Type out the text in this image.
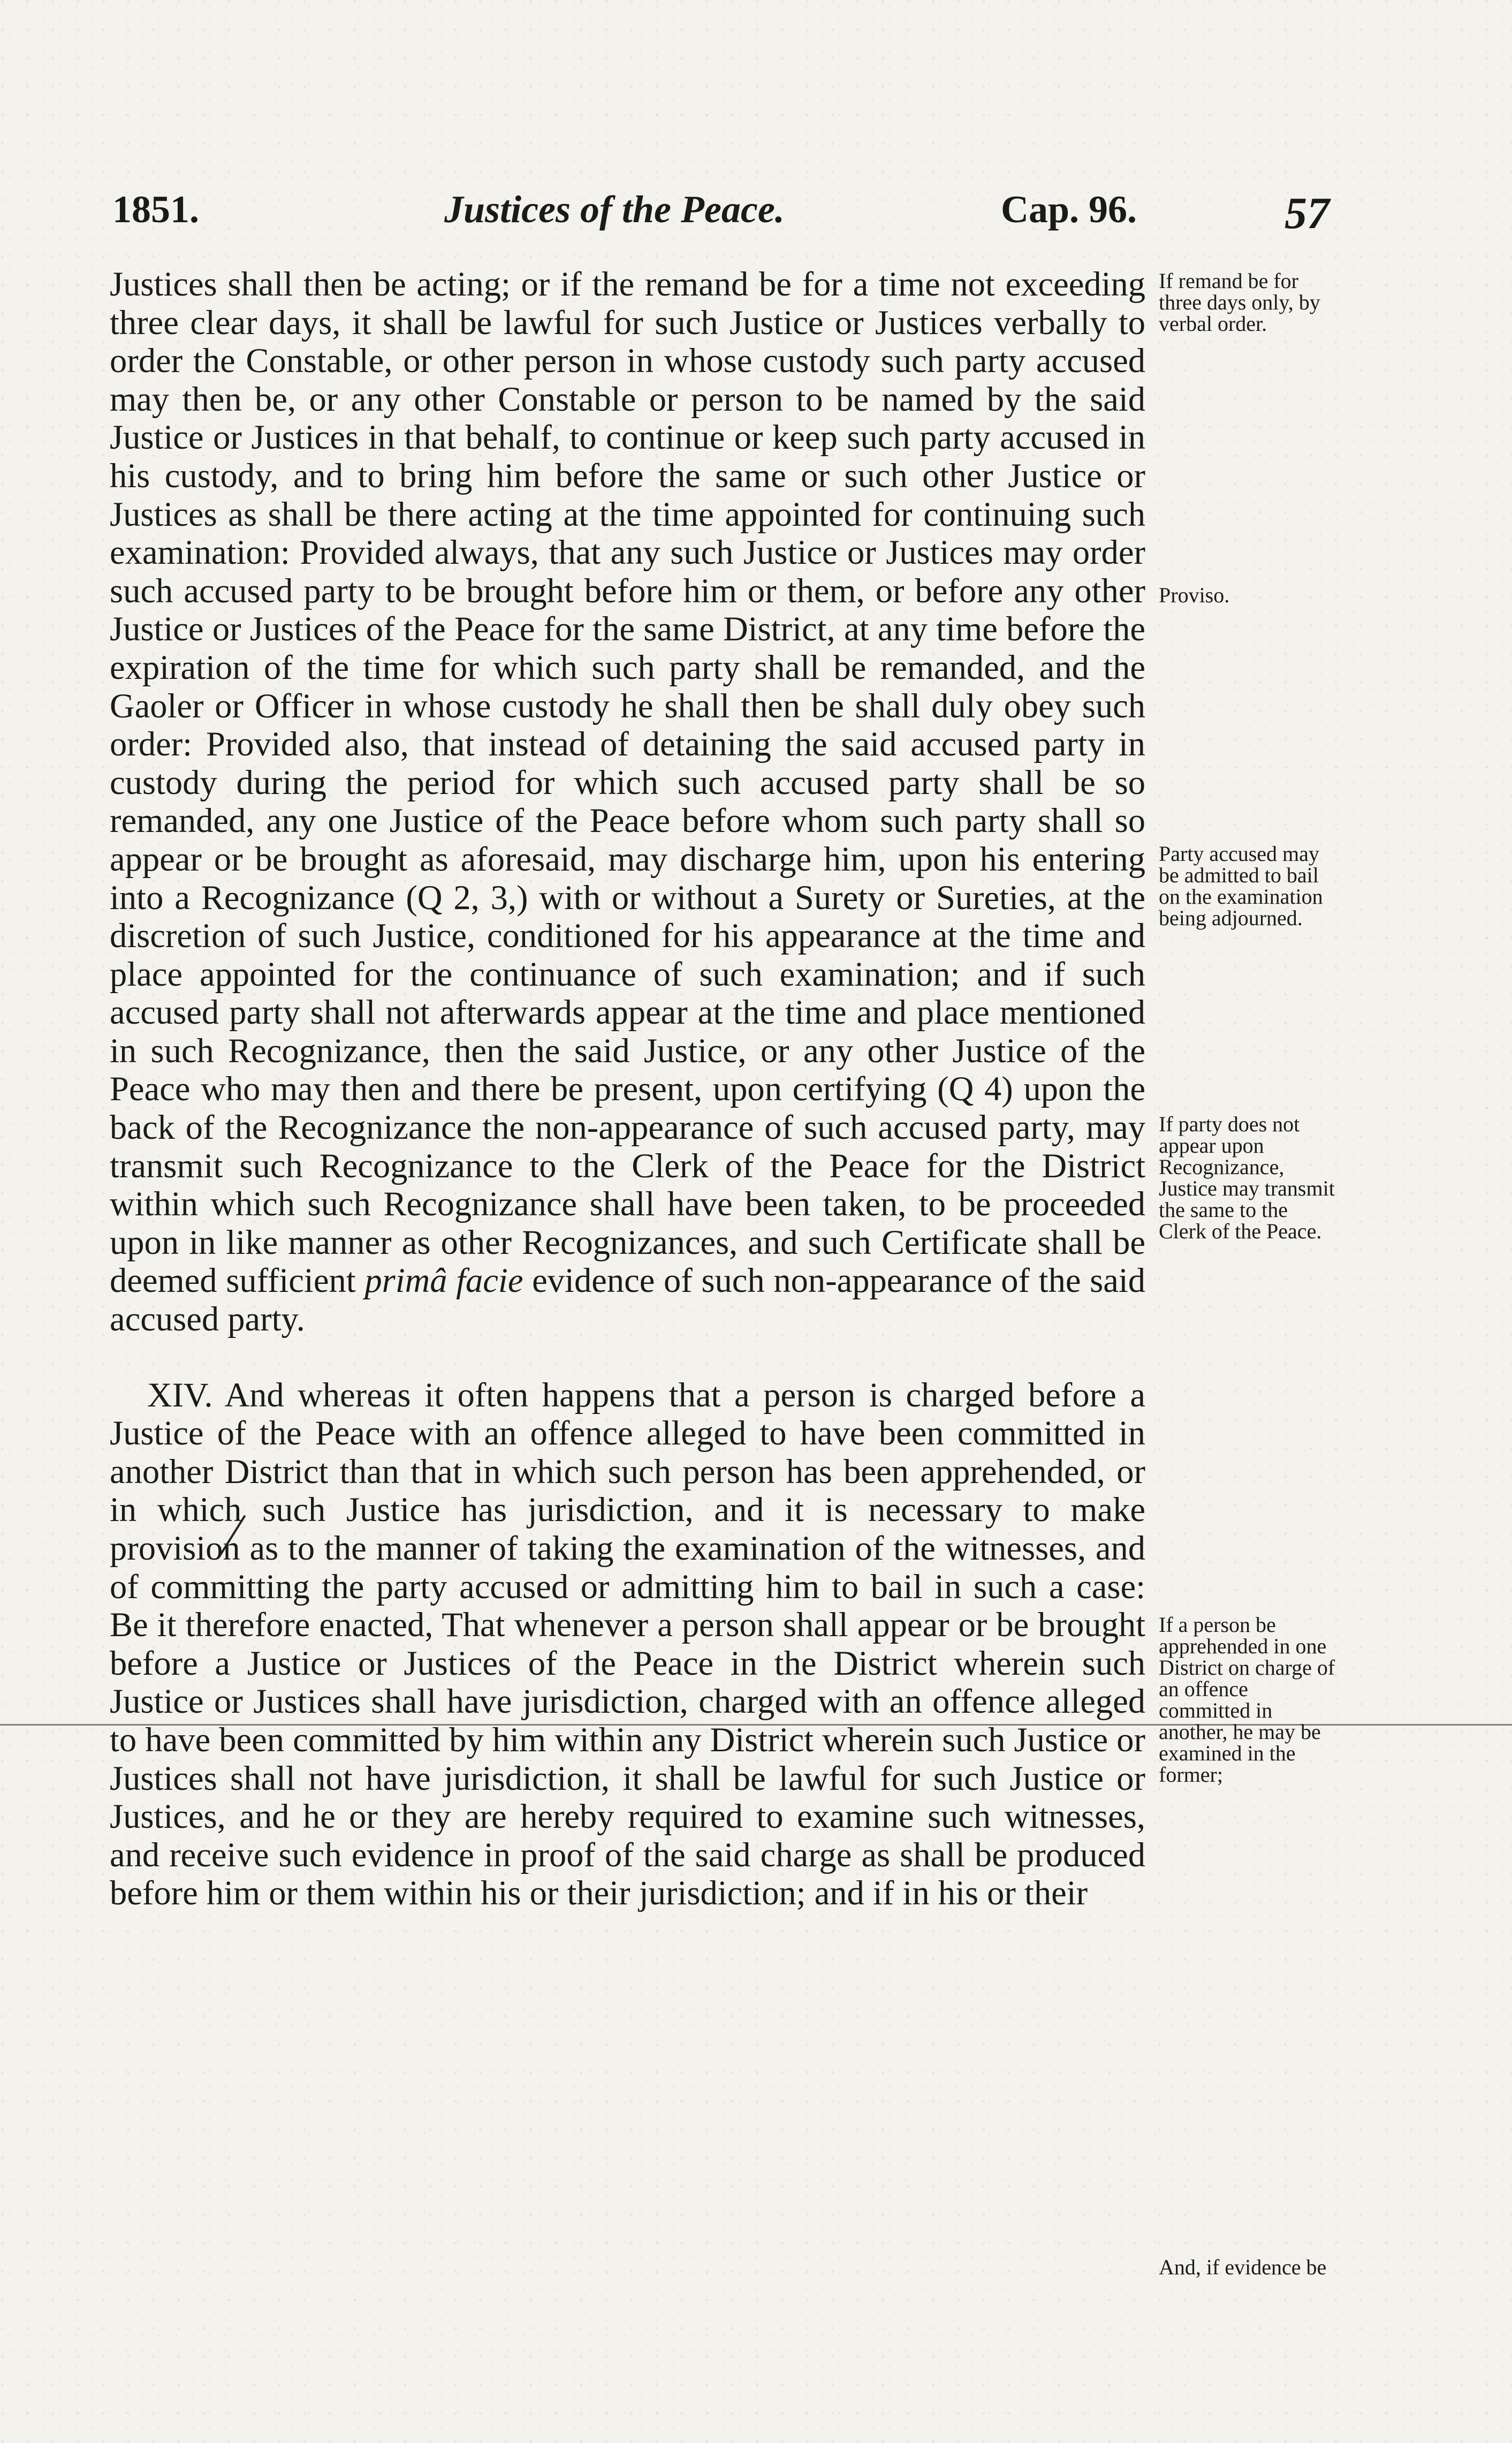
1851.	Justices of the Peace.	Cap. 96.	57

Justices shall then be acting; or if the remand be for a time not exceeding three clear days, it shall be lawful for such Justice or Justices verbally to order the Constable, or other person in whose custody such party accused may then be, or any other Constable or person to be named by the said Justice or Justices in that behalf, to continue or keep such party accused in his custody, and to bring him before the same or such other Justice or Justices as shall be there acting at the time appointed for continuing such examination: Provided always, that any such Justice or Justices may order such accused party to be brought before him or them, or before any other Justice or Justices of the Peace for the same District, at any time before the expiration of the time for which such party shall be remanded, and the Gaoler or Officer in whose custody he shall then be shall duly obey such order: Provided also, that instead of detaining the said accused party in custody during the period for which such accused party shall be so remanded, any one Justice of the Peace before whom such party shall so appear or be brought as aforesaid, may discharge him, upon his entering into a Recognizance (Q 2, 3,) with or without a Surety or Sureties, at the discretion of such Justice, conditioned for his appearance at the time and place appointed for the continuance of such examination; and if such accused party shall not afterwards appear at the time and place mentioned in such Recognizance, then the said Justice, or any other Justice of the Peace who may then and there be present, upon certifying (Q 4) upon the back of the Recognizance the non-appearance of such accused party, may transmit such Recognizance to the Clerk of the Peace for the District within which such Recognizance shall have been taken, to be proceeded upon in like manner as other Recognizances, and such Certificate shall be deemed sufficient primâ facie evidence of such non-appearance of the said accused party.

XIV. And whereas it often happens that a person is charged before a Justice of the Peace with an offence alleged to have been committed in another District than that in which such person has been apprehended, or in which such Justice has jurisdiction, and it is necessary to make provision as to the manner of taking the examination of the witnesses, and of committing the party accused or admitting him to bail in such a case: Be it therefore enacted, That whenever a person shall appear or be brought before a Justice or Justices of the Peace in the District wherein such Justice or Justices shall have jurisdiction, charged with an offence alleged to have been committed by him within any District wherein such Justice or Justices shall not have jurisdiction, it shall be lawful for such Justice or Justices, and he or they are hereby required to examine such witnesses, and receive such evidence in proof of the said charge as shall be produced before him or them within his or their jurisdiction; and if in his or their

If remand be for three days only, by verbal order.
Proviso.
Party accused may be admitted to bail on the examination being adjourned.
If party does not appear upon Recognizance, Justice may transmit the same to the Clerk of the Peace.
If a person be apprehended in one District on charge of an offence committed in another, he may be examined in the former;
And, if evidence be
